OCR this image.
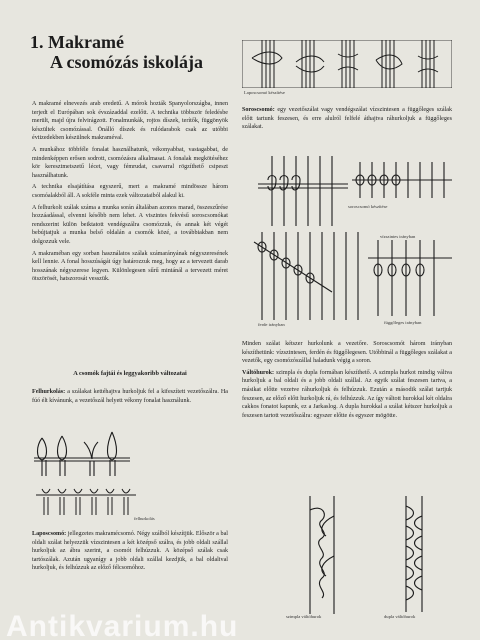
1. Makramé
A csomózás iskolája

A makramé elnevezés arab eredetű. A mórok hozták Spanyolországba, innen terjedt el Európában sok évszázaddal ezelőtt. A technika többször feledésbe merült, majd újra felvirágzott. Fonalmunkák, rojtos díszek, terítők, függönyök készültek csomózással. Önálló díszek és rulódarabok csak az utóbbi évtizedekben készülnek makraméval.

A munkához többféle fonalat használhatunk, vékonyabbat, vastagabbat, de mindenképpen erősen sodrott, csomózásra alkalmasat. A fonalak megkötéséhez kör keresztmetszetű lécet, vagy fémrudat, csavarral rögzíthető csipeszt használhatunk.

A technika elsajátítása egyszerű, mert a makramé mindössze három csomóalakból áll. A sokféle minta ezek változataiból alakul ki.

A felhurkolt szálak száma a munka során általában azonos marad, összeszűrése hozzáadással, elvenni később nem lehet. A viszintes fekvésű soroscsomókat rendszerint külön beiktatott vendégszálra csomózzuk, és annak két végét bebújtatjuk a munka belső oldalán a csomók közé, a továbbiakban nem dolgozzuk vele.

A makraméban egy sorban használatos szálak számarányának négyszeresének kell lennie. A fonal hosszúságát úgy határozzuk meg, hogy az a tervezett darab hosszának négyszerese legyen. Különlegesen sűrű mintánál a tervezett méret ötszörösét, hatszorosát vesszük.

A csomók fajtái és leggyakoribb változatai

Felhurkolás: a szálakat kettéhajtva hurkoljuk fel a kifeszített vezetőszálra. Ha fúó élt kívánunk, a vezetőszál helyett vékony fonalat használunk.

felhurkolás

Laposcsomó: jellegzetes makramécsomó. Négy szálból készítjük. Először a bal oldali szálat helyezzük vízszintesen a két középső szálra, és jobb oldali szállal hurkoljuk az ábra szerint, a csomót felhúzzuk. A középső szálak csak tartószálak. Azután ugyanígy a jobb oldali szállal kezdjük, a bal oldalival hurkoljuk, és felhúzzuk az előző félcsomóhoz.

Laposcsomó készítése

Soroscsomó: egy vezetőszálat vagy vendégszálat vízszintesen a függőleges szálak előtt tartunk feszesen, és erre alulról felfelé áthajtva ráhurkoljuk a függőleges szálakat.

soroscsomó készítése
vízszintes irányban
ferde irányban	függőleges irányban

Minden szálat kétszer hurkolunk a vezetőre. Soroscsomót három irányban készíthetünk: vízszintesen, ferdén és függőlegesen. Utóbbinál a függőleges szálakat a vezetők, egy csomózószállal haladunk végig a soron.

Váltóhurok: szimpla és dupla formában készíthető. A szimpla hurkot mindig váltva hurkoljuk a bal oldali és a jobb oldali szállal. Az egyik szálat feszesen tartva, a másikat előtte vezetve ráhurkoljuk és felhúzzuk. Ezután a második szálat tartjuk feszesen, az előző előtt hurkoljuk rá, és felhúzzuk. Az így váltott hurokkal két oldalra cakkos fonatot kapunk, ez a Jarkaslog. A dupla hurokkal a szálat kétszer hurkoljuk a feszesen tartott vezetőszálra: egyszer előtte és egyszer mögötte.

szimpla váltóhurok	dupla váltóhurok
Antikvarium.hu
